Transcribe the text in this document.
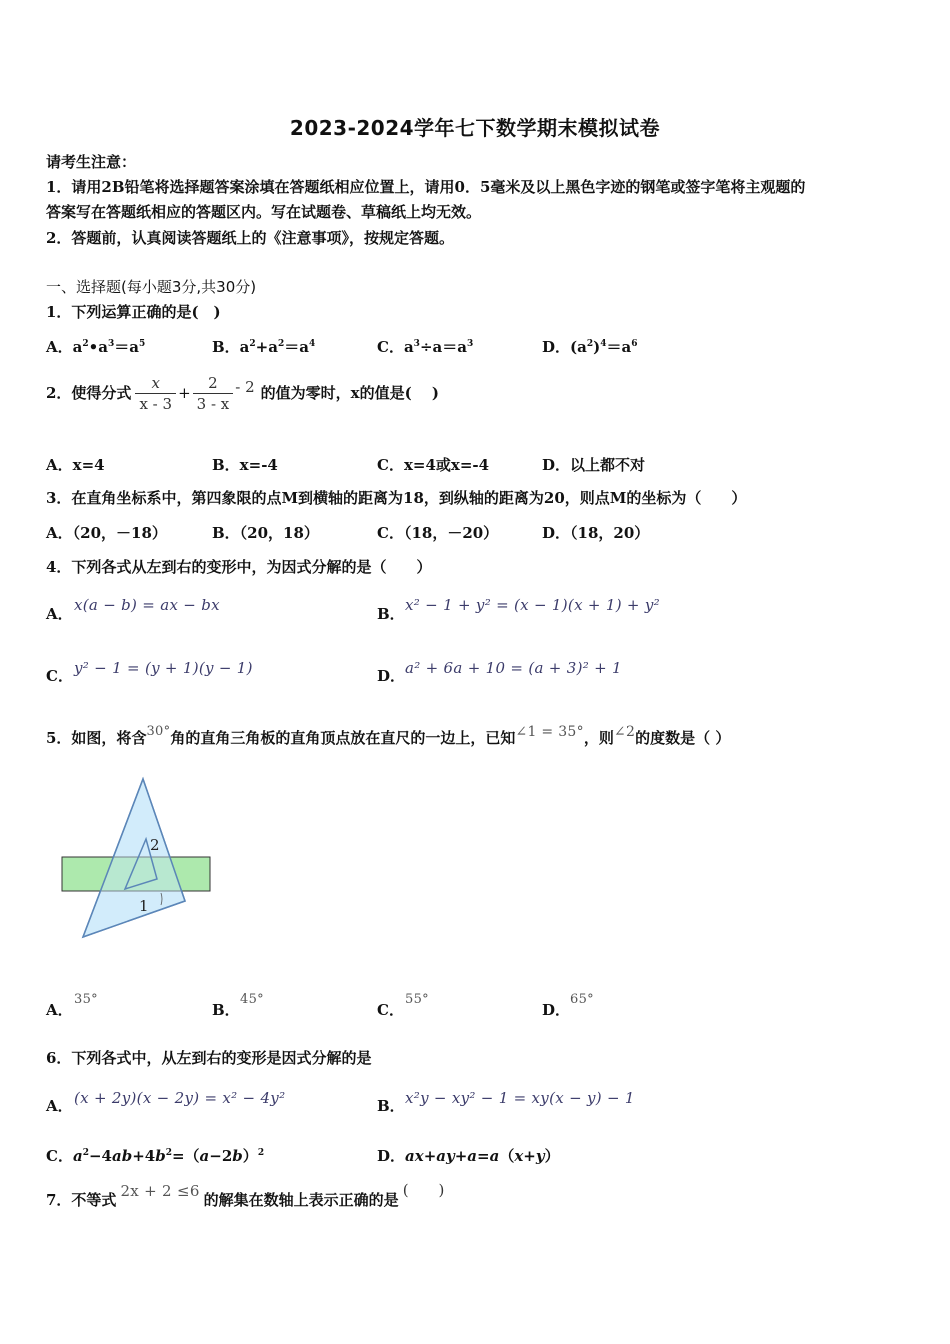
2023-2024学年七下数学期末模拟试卷
请考生注意：
1．请用2B铅笔将选择题答案涂填在答题纸相应位置上，请用0．5毫米及以上黑色字迹的钢笔或签字笔将主观题的
答案写在答题纸相应的答题区内。写在试题卷、草稿纸上均无效。
2．答题前，认真阅读答题纸上的《注意事项》，按规定答题。
一、选择题(每小题3分,共30分)
1．下列运算正确的是(　)
A．$a^2•a^3=a^5$	B．$a^2+a^2=a^4$	C．$a^3\div a=a^3$	D．$(a^2)^4=a^6$
2．使得分式 $\frac{x}{x - 3} + \frac{2}{3 - x} - 2$ 的值为零时，x的值是(　 )
A．x=4	B．x=-4	C．x=4或x=-4	D．以上都不对
3．在直角坐标系中，第四象限的点M到横轴的距离为18，到纵轴的距离为20，则点M的坐标为（　　）
A．（20，－18）	B．（20，18）	C．（18，－20）	D．（18，20）
4．下列各式从左到右的变形中，为因式分解的是（　　）
A． x(a − b) = ax − bx	B． x² − 1 + y² = (x − 1)(x + 1) + y²
C． y² − 1 = (y + 1)(y − 1)	D． a² + 6a + 10 = (a + 3)² + 1
5．如图，将含 30° 角的直角三角板的直角顶点放在直尺的一边上，已知 ∠1 = 35° ，则 ∠2 的度数是（ ）
2
1
A．
35°
B．
45°
C．
55°
D．
65°
6．下列各式中，从左到右的变形是因式分解的是
A． (x + 2y)(x − 2y) = x² − 4y²	B． x²y − xy² − 1 = xy(x − y) − 1
C．$a^2-4ab+4b^2=(a-2b)^2$	D．ax+ay+a=a（x+y）
7．不等式 2x + 2 ≤6 的解集在数轴上表示正确的是
(　　)
